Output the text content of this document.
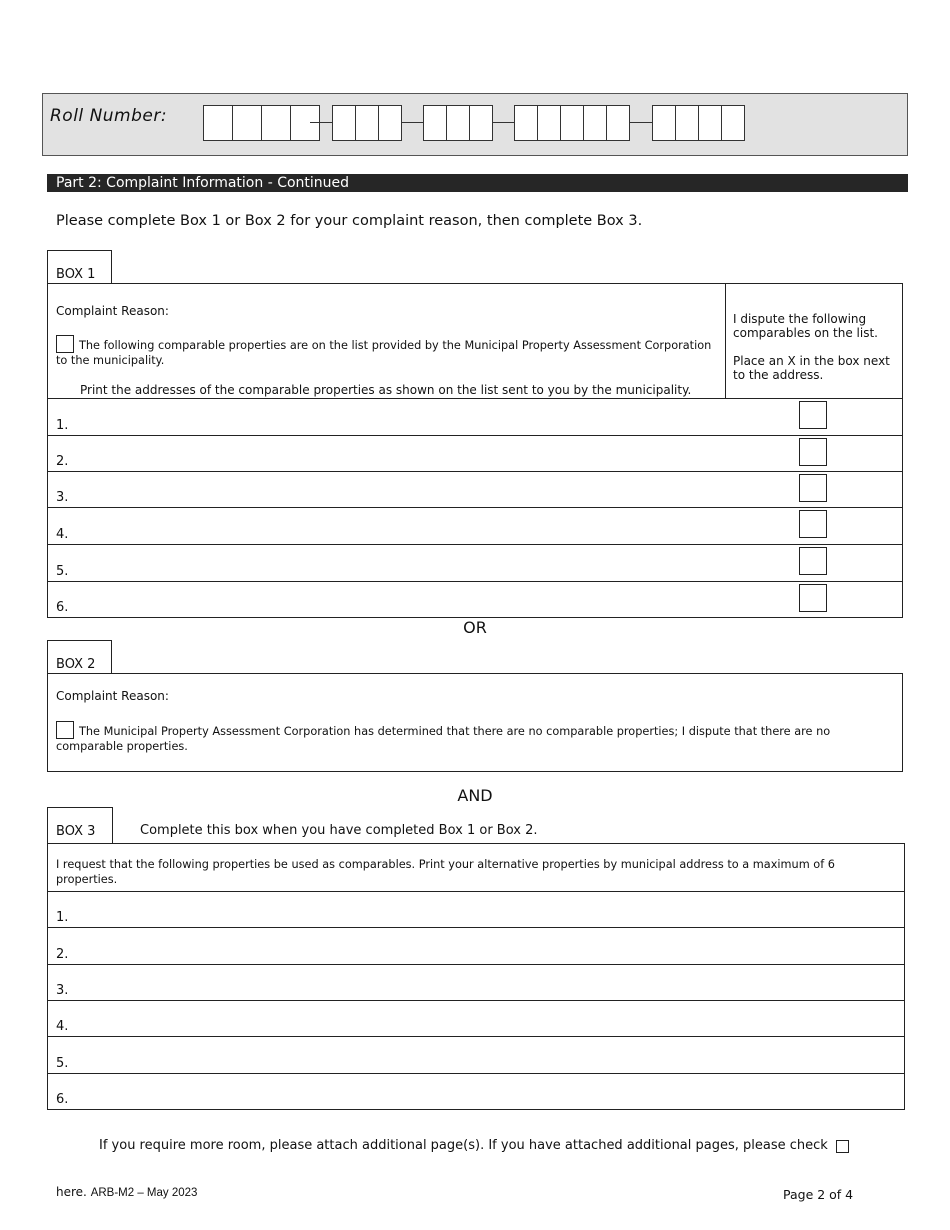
Roll Number:
Part 2: Complaint Information - Continued
Please complete Box 1 or Box 2 for your complaint reason, then complete Box 3.
BOX 1
Complaint Reason:
The following comparable properties are on the list provided by the Municipal Property Assessment Corporation to the municipality.
Print the addresses of the comparable properties as shown on the list sent to you by the municipality.
I dispute the following comparables on the list.
Place an X in the box next to the address.
1.
2.
3.
4.
5.
6.
OR
BOX 2
Complaint Reason:
The Municipal Property Assessment Corporation has determined that there are no comparable properties; I dispute that there are no comparable properties.
AND
BOX 3	Complete this box when you have completed Box 1 or Box 2.
I request that the following properties be used as comparables. Print your alternative properties by municipal address to a maximum of 6 properties.
1.
2.
3.
4.
5.
6.
If you require more room, please attach additional page(s). If you have attached additional pages, please check
here. ARB-M2 – May 2023	Page 2 of 4
